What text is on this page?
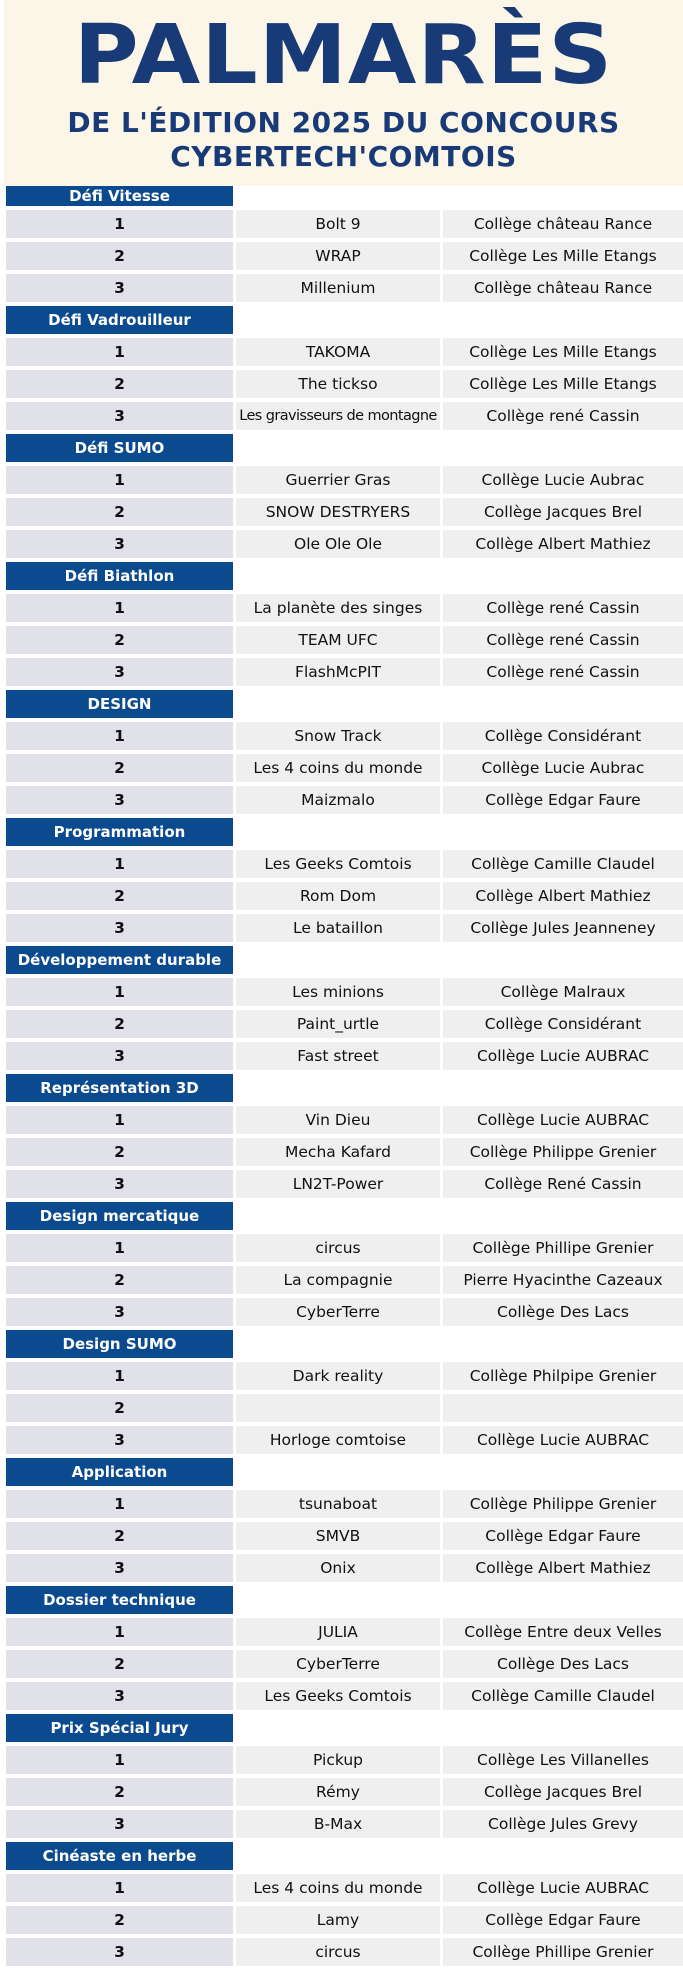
PALMARÈS
DE L'ÉDITION 2025 DU CONCOURS
CYBERTECH'COMTOIS
Défi Vitesse
1	Bolt 9	Collège château Rance
2	WRAP	Collège Les Mille Etangs
3	Millenium	Collège château Rance
Défi Vadrouilleur
1	TAKOMA	Collège Les Mille Etangs
2	The tickso	Collège Les Mille Etangs
3	Les gravisseurs de montagne	Collège rené Cassin
Défi SUMO
1	Guerrier Gras	Collège Lucie Aubrac
2	SNOW DESTRYERS	Collège Jacques Brel
3	Ole Ole Ole	Collège Albert Mathiez
Défi Biathlon
1	La planète des singes	Collège rené Cassin
2	TEAM UFC	Collège rené Cassin
3	FlashMcPIT	Collège rené Cassin
DESIGN
1	Snow Track	Collège Considérant
2	Les 4 coins du monde	Collège Lucie Aubrac
3	Maizmalo	Collège Edgar Faure
Programmation
1	Les Geeks Comtois	Collège Camille Claudel
2	Rom Dom	Collège Albert Mathiez
3	Le bataillon	Collège Jules Jeanneney
Développement durable
1	Les minions	Collège Malraux
2	Paint_urtle	Collège Considérant
3	Fast street	Collège Lucie AUBRAC
Représentation 3D
1	Vin Dieu	Collège Lucie AUBRAC
2	Mecha Kafard	Collège Philippe Grenier
3	LN2T-Power	Collège René Cassin
Design mercatique
1	circus	Collège Phillipe Grenier
2	La compagnie	Pierre Hyacinthe Cazeaux
3	CyberTerre	Collège Des Lacs
Design SUMO
1	Dark reality	Collège Philpipe Grenier
2
3	Horloge comtoise	Collège Lucie AUBRAC
Application
1	tsunaboat	Collège Philippe Grenier
2	SMVB	Collège Edgar Faure
3	Onix	Collège Albert Mathiez
Dossier technique
1	JULIA	Collège Entre deux Velles
2	CyberTerre	Collège Des Lacs
3	Les Geeks Comtois	Collège Camille Claudel
Prix Spécial Jury
1	Pickup	Collège Les Villanelles
2	Rémy	Collège Jacques Brel
3	B-Max	Collège Jules Grevy
Cinéaste en herbe
1	Les 4 coins du monde	Collège Lucie AUBRAC
2	Lamy	Collège Edgar Faure
3	circus	Collège Phillipe Grenier
